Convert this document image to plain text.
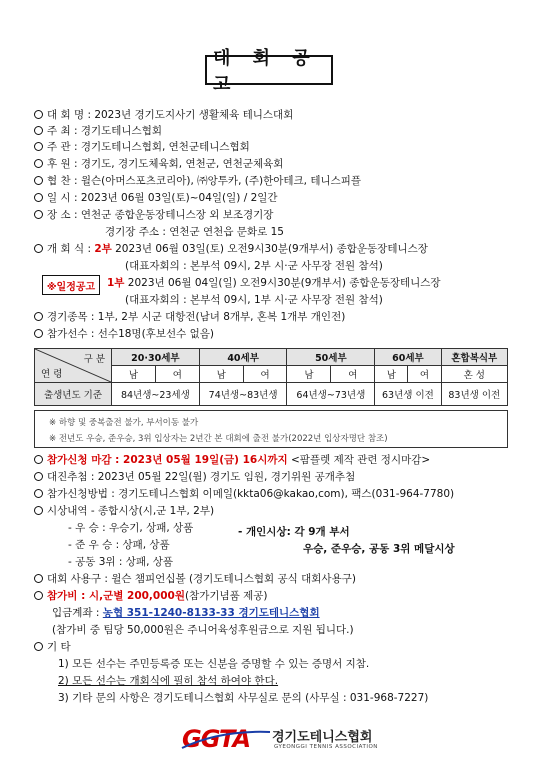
대 회 공 고
대 회 명 : 2023년 경기도지사기 생활체육 테니스대회
주 최 : 경기도테니스협회
주 관 : 경기도테니스협회, 연천군테니스협회
후 원 : 경기도, 경기도체육회, 연천군, 연천군체육회
협 찬 : 윌슨(아머스포츠코리아), ㈜앙투카, (주)한아테크, 테니스피플
일 시 : 2023년 06월 03일(토)~04일(일) / 2일간
장 소 : 연천군 종합운동장테니스장 외 보조경기장
경기장 주소 : 연천군 연천읍 문화로 15
개 회 식 : 2부 2023년 06월 03일(토) 오전9시30분(9개부서) 종합운동장테니스장
(대표자회의 : 본부석 09시, 2부 시·군 사무장 전원 참석)
※일정공고	1부 2023년 06월 04일(일) 오전9시30분(9개부서) 종합운동장테니스장
(대표자회의 : 본부석 09시, 1부 시·군 사무장 전원 참석)
경기종목 : 1부, 2부 시군 대항전(남녀 8개부, 혼복 1개부 개인전)
참가선수 : 선수18명(후보선수 없음)
구 분
연 령	20·30세부		40세부		50세부		60세부		혼합복식부
	남	여	남	여	남	여	남	여	혼 성
출생년도 기준	84년생~23세생		74년생~83년생		64년생~73년생		63년생 이전		83년생 이전
※ 하향 및 중복출전 불가, 부서이동 불가
※ 전년도 우승, 준우승, 3위 입상자는 2년간 본 대회에 출전 불가(2022년 입상자명단 참조)
참가신청 마감 : 2023년 05월 19일(금) 16시까지 <팜플렛 제작 관련 정시마감>
대진추첨 : 2023년 05월 22일(월) 경기도 임원, 경기위원 공개추첨
참가신청방법 : 경기도테니스협회 이메일(kkta06@kakao,com), 팩스(031-964-7780)
시상내역 - 종합시상(시,군 1부, 2부)
- 우 승 : 우승기, 상패, 상품	- 개인시상: 각 9개 부서
- 준 우 승 : 상패, 상품	우승, 준우승, 공동 3위 메달시상
- 공동 3위 : 상패, 상품
대회 사용구 : 윌슨 챔피언십볼 (경기도테니스협회 공식 대회사용구)
참가비 : 시,군별 200,000원(참가기념품 제공)
입금계좌 : 농협 351-1240-8133-33 경기도테니스협회
(참가비 중 팀당 50,000원은 주니어육성후원금으로 지원 됩니다.)
기 타
1) 모든 선수는 주민등록증 또는 신분을 증명할 수 있는 증명서 지참.
2) 모든 선수는 개회식에 필히 참석 하여야 한다.
3) 기타 문의 사항은 경기도테니스협회 사무실로 문의 (사무실 : 031-968-7227)
GGTA 경기도테니스협회
GYEONGGI TENNIS ASSOCIATION
